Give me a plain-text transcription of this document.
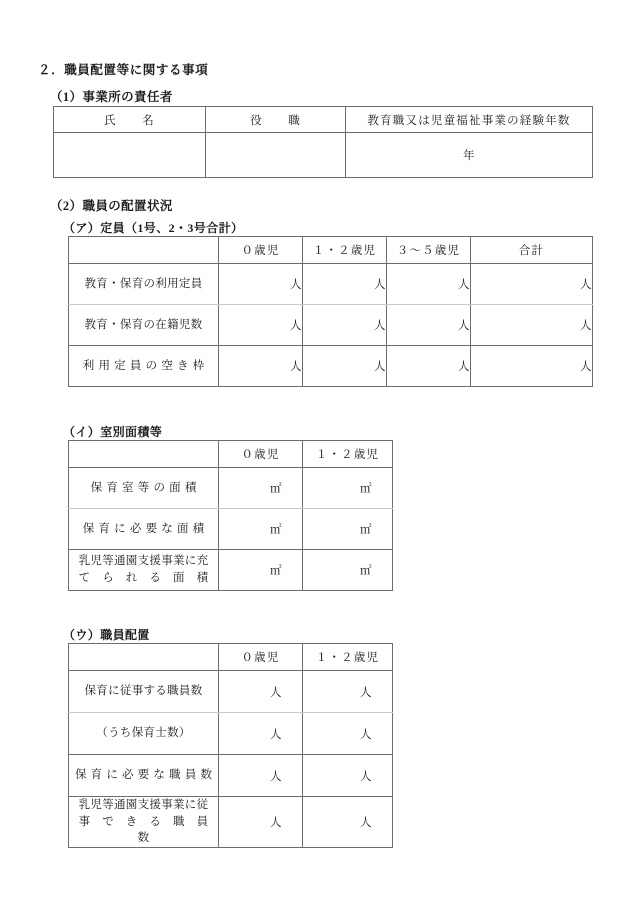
２．職員配置等に関する事項
（1）事業所の責任者
氏　　名	役　　職	教育職又は児童福祉事業の経験年数
		年
（2）職員の配置状況
（ア）定員（1号、2・3号合計）
	０歳児	１・２歳児	３〜５歳児	合計
教育・保育の利用定員	人	人	人	人
教育・保育の在籍児数	人	人	人	人
利用定員の空き枠	人	人	人	人
（イ）室別面積等
	０歳児	１・２歳児
保育室等の面積	㎡	㎡
保育に必要な面積	㎡	㎡
乳児等通園支援事業に充
て　ら　れ　る　面　積	㎡	㎡
（ウ）職員配置
	０歳児	１・２歳児
保育に従事する職員数	人	人
（うち保育士数）	人	人
保育に必要な職員数	人	人
乳児等通園支援事業に従
事　で　き　る　職　員　数	人	人
